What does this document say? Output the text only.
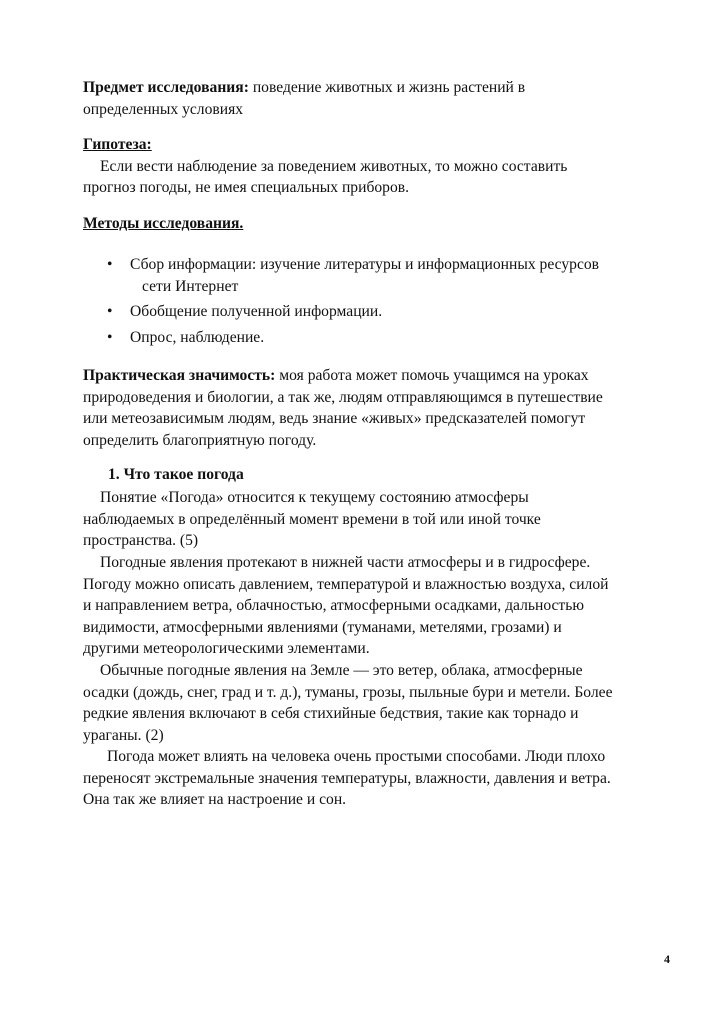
Предмет исследования: поведение животных и жизнь растений в
определенных условиях
Гипотеза:
Если вести наблюдение за поведением животных, то можно составить
прогноз погоды, не имея специальных приборов.
Методы исследования.
• Сбор информации: изучение литературы и информационных ресурсов
сети Интернет
• Обобщение полученной информации.
• Опрос, наблюдение.
Практическая значимость: моя работа может помочь учащимся на уроках
природоведения и биологии, а так же, людям отправляющимся в путешествие
или метеозависимым людям, ведь знание «живых» предсказателей помогут
определить благоприятную погоду.
1. Что такое погода
Понятие «Погода» относится к текущему состоянию атмосферы
наблюдаемых в определённый момент времени в той или иной точке
пространства. (5)
Погодные явления протекают в нижней части атмосферы и в гидросфере.
Погоду можно описать давлением, температурой и влажностью воздуха, силой
и направлением ветра, облачностью, атмосферными осадками, дальностью
видимости, атмосферными явлениями (туманами, метелями, грозами) и
другими метеорологическими элементами.
Обычные погодные явления на Земле — это ветер, облака, атмосферные
осадки (дождь, снег, град и т. д.), туманы, грозы, пыльные бури и метели. Более
редкие явления включают в себя стихийные бедствия, такие как торнадо и
ураганы. (2)
Погода может влиять на человека очень простыми способами. Люди плохо
переносят экстремальные значения температуры, влажности, давления и ветра.
Она так же влияет на настроение и сон.
4
